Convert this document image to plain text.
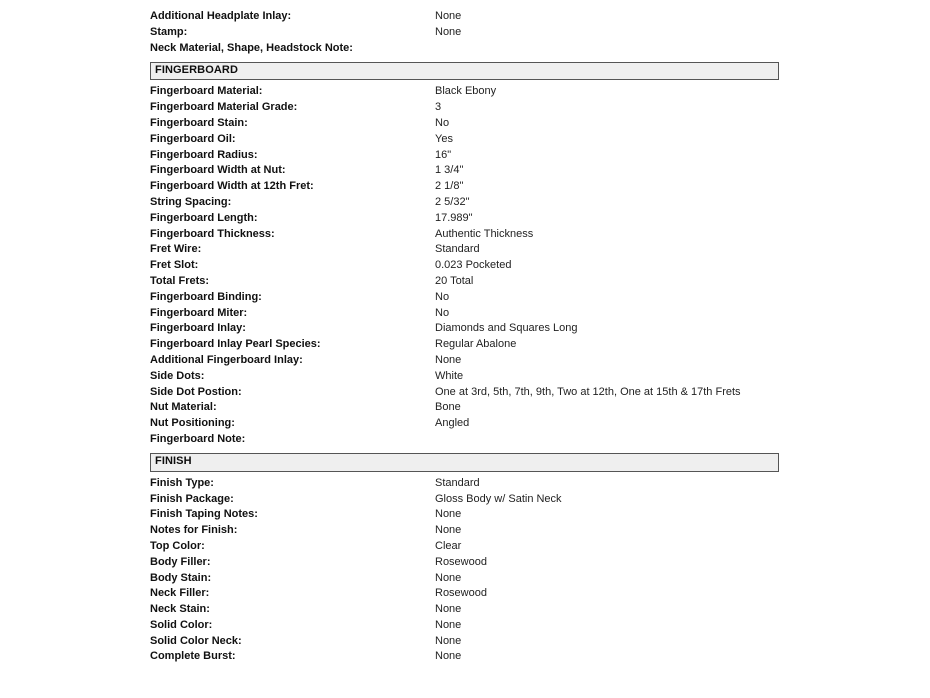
Additional Headplate Inlay:	None
Stamp:	None
Neck Material, Shape, Headstock Note:
FINGERBOARD
Fingerboard Material:	Black Ebony
Fingerboard Material Grade:	3
Fingerboard Stain:	No
Fingerboard Oil:	Yes
Fingerboard Radius:	16"
Fingerboard Width at Nut:	1 3/4"
Fingerboard Width at 12th Fret:	2 1/8"
String Spacing:	2 5/32"
Fingerboard Length:	17.989"
Fingerboard Thickness:	Authentic Thickness
Fret Wire:	Standard
Fret Slot:	0.023 Pocketed
Total Frets:	20 Total
Fingerboard Binding:	No
Fingerboard Miter:	No
Fingerboard Inlay:	Diamonds and Squares Long
Fingerboard Inlay Pearl Species:	Regular Abalone
Additional Fingerboard Inlay:	None
Side Dots:	White
Side Dot Postion:	One at 3rd, 5th, 7th, 9th, Two at 12th, One at 15th & 17th Frets
Nut Material:	Bone
Nut Positioning:	Angled
Fingerboard Note:
FINISH
Finish Type:	Standard
Finish Package:	Gloss Body w/ Satin Neck
Finish Taping Notes:	None
Notes for Finish:	None
Top Color:	Clear
Body Filler:	Rosewood
Body Stain:	None
Neck Filler:	Rosewood
Neck Stain:	None
Solid Color:	None
Solid Color Neck:	None
Complete Burst:	None
